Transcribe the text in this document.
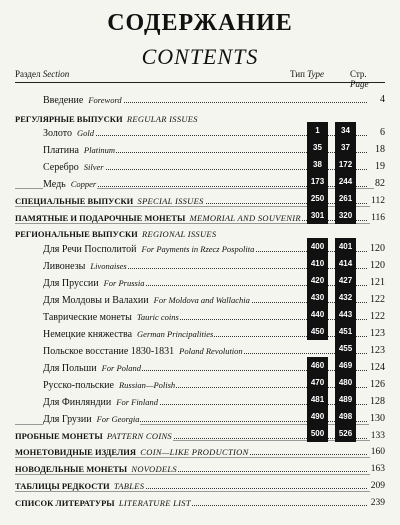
СОДЕРЖАНИЕ
CONTENTS
Раздел Section	Тип Type	Стр. Page
Введение Foreword	4
РЕГУЛЯРНЫЕ ВЫПУСКИ REGULAR ISSUES
Золото Gold	1	34	6
Платина Platinum	35	37	18
Серебро Silver	38	172	19
Медь Copper	173	244	82
СПЕЦИАЛЬНЫЕ ВЫПУСКИ SPECIAL ISSUES	250	261	112
ПАМЯТНЫЕ И ПОДАРОЧНЫЕ МОНЕТЫ MEMORIAL AND SOUVENIR	301	320	116
РЕГИОНАЛЬНЫЕ ВЫПУСКИ REGIONAL ISSUES
Для Речи Посполитой For Payments in Rzecz Pospolita	400	401	120
Ливонезы Livonaises	410	414	120
Для Пруссии For Prussia	420	427	121
Для Молдовы и Валахии For Moldova and Wallachia	430	432	122
Таврические монеты Tauric coins	440	443	122
Немецкие княжества German Principalities	450	451	123
Польское восстание 1830-1831 Poland Revolution	455	123
Для Польши For Poland	460	469	124
Русско-польские Russian—Polish	470	480	126
Для Финляндии For Finland	481	489	128
Для Грузии For Georgia	490	498	130
ПРОБНЫЕ МОНЕТЫ PATTERN COINS	500	526	133
МОНЕТОВИДНЫЕ ИЗДЕЛИЯ COIN—LIKE PRODUCTION	160
НОВОДЕЛЬНЫЕ МОНЕТЫ NOVODELS	163
ТАБЛИЦЫ РЕДКОСТИ TABLES	209
СПИСОК ЛИТЕРАТУРЫ LITERATURE LIST	239
